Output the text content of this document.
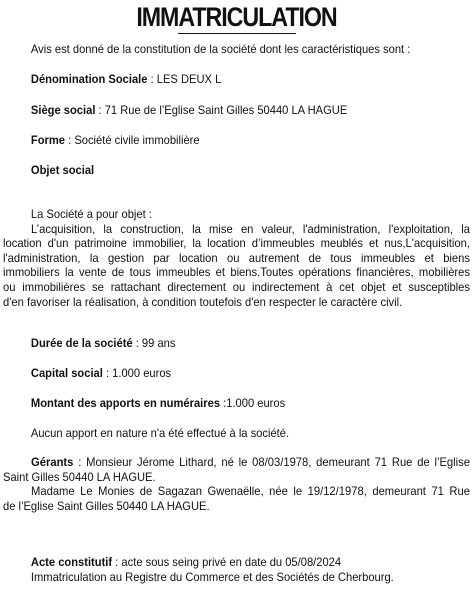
IMMATRICULATION

Avis est donné de la constitution de la société dont les caractéristiques sont :

Dénomination Sociale : LES DEUX L

Siège social : 71 Rue de l’Eglise Saint Gilles 50440 LA HAGUE

Forme : Société civile immobilière

Objet social

La Société a pour objet :

L’acquisition, la construction, la mise en valeur, l'administration, l'exploitation, la

location d'un patrimoine immobilier, la location d’immeubles meublés et nus,L'acquisition,

l'administration, la gestion par location ou autrement de tous immeubles et biens

immobiliers la vente de tous immeubles et biens.Toutes opérations financières, mobilières

ou immobilières se rattachant directement ou indirectement à cet objet et susceptibles

d'en favoriser la réalisation, à condition toutefois d'en respecter le caractère civil.

Durée de la société : 99 ans

Capital social : 1.000 euros

Montant des apports en numéraires :1.000 euros

Aucun apport en nature n'a été effectué à la société.

Gérants : Monsieur Jérome Lithard, né le 08/03/1978, demeurant 71 Rue de l’Eglise

Saint Gilles 50440 LA HAGUE.

Madame Le Monies de Sagazan Gwenaëlle, née le 19/12/1978, demeurant 71 Rue

de l’Eglise Saint Gilles 50440 LA HAGUE.

Acte constitutif : acte sous seing privé en date du 05/08/2024

Immatriculation au Registre du Commerce et des Sociétés de Cherbourg.
